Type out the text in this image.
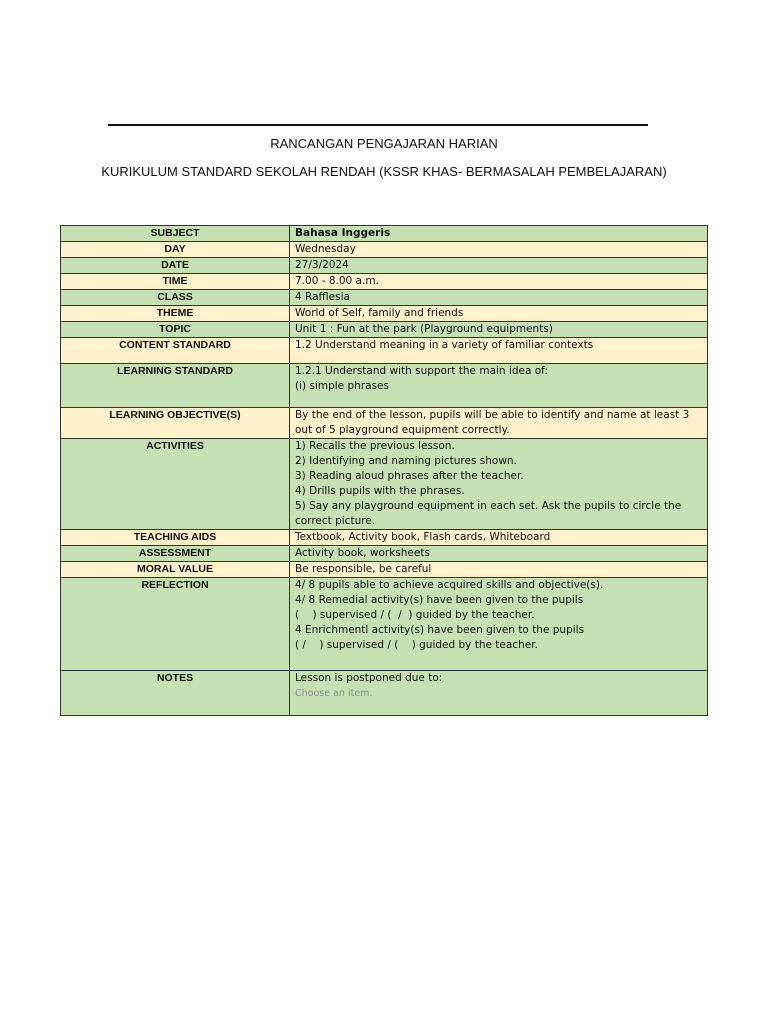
RANCANGAN PENGAJARAN HARIAN
KURIKULUM STANDARD SEKOLAH RENDAH (KSSR KHAS- BERMASALAH PEMBELAJARAN)
SUBJECT	Bahasa Inggeris
DAY	Wednesday
DATE	27/3/2024
TIME	7.00 - 8.00 a.m.
CLASS	4 Rafflesia
THEME	World of Self, family and friends
TOPIC	Unit 1 : Fun at the park (Playground equipments)
CONTENT STANDARD	1.2 Understand meaning in a variety of familiar contexts
LEARNING STANDARD	1.2.1 Understand with support the main idea of:
(i) simple phrases

LEARNING OBJECTIVE(S)	By the end of the lesson, pupils will be able to identify and name at least 3 out of 5 playground equipment correctly.
ACTIVITIES	1) Recalls the previous lesson.
2) Identifying and naming pictures shown.
3) Reading aloud phrases after the teacher.
4) Drills pupils with the phrases.
5) Say any playground equipment in each set. Ask the pupils to circle the correct picture.

TEACHING AIDS	Textbook, Activity book, Flash cards, Whiteboard
ASSESSMENT	Activity book, worksheets
MORAL VALUE	Be responsible, be careful
REFLECTION	4/ 8 pupils able to achieve acquired skills and objective(s).
4/ 8 Remedial activity(s) have been given to the pupils
(    ) supervised / (  /  ) guided by the teacher.
4 Enrichmentl activity(s) have been given to the pupils
( /    ) supervised / (    ) guided by the teacher.

NOTES	Lesson is postponed due to:
Choose an item.
